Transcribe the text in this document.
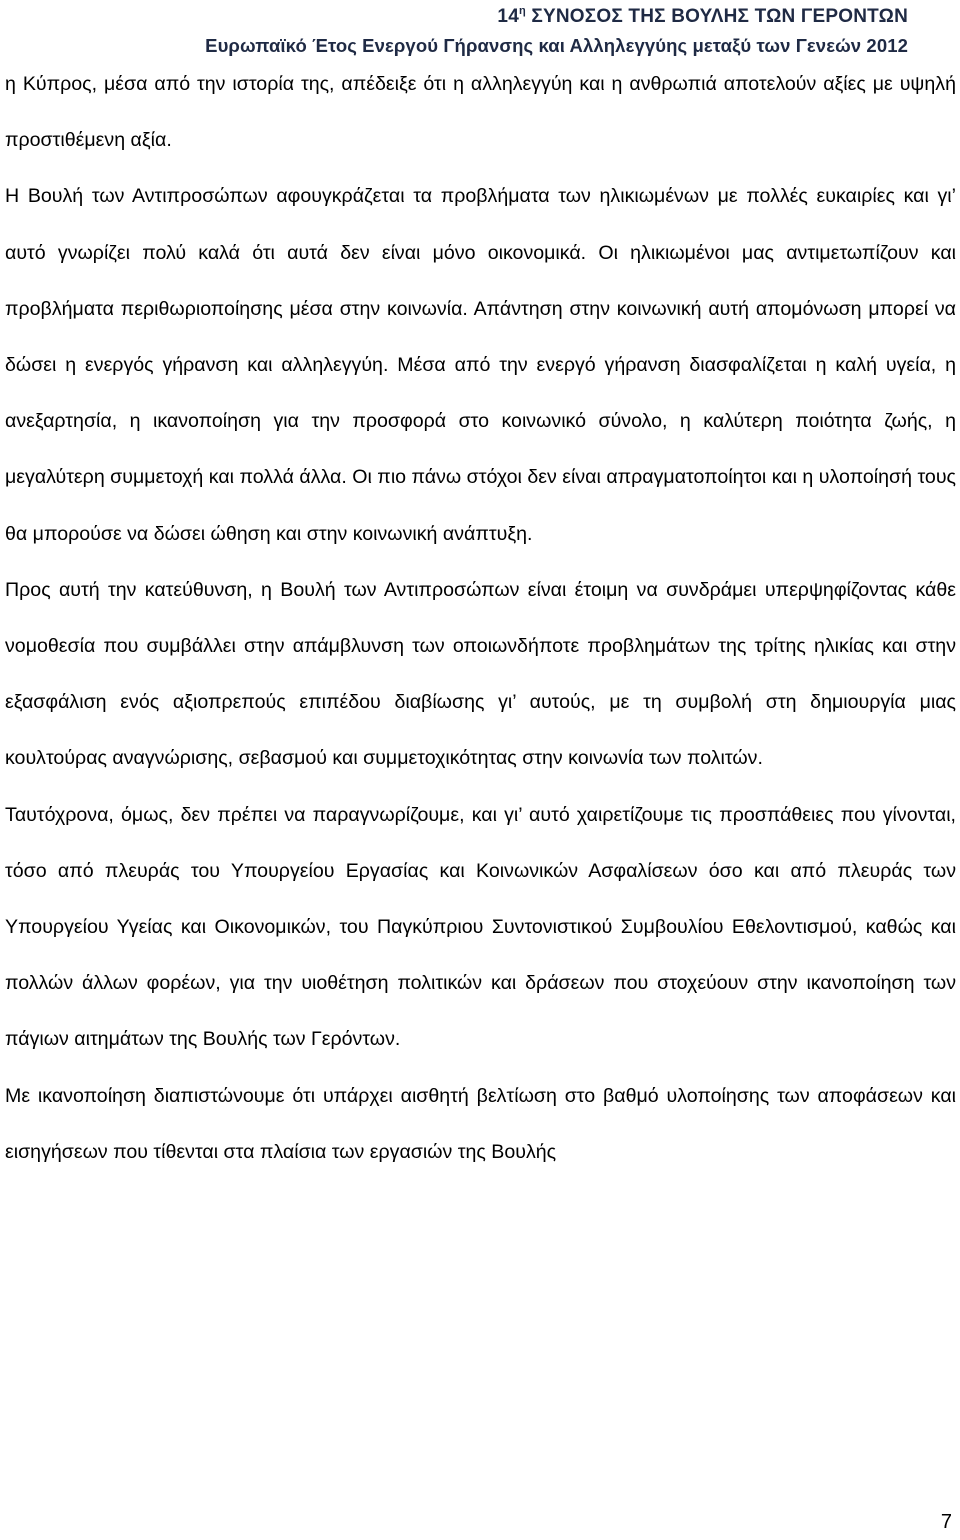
$14^\eta$ ΣΥΝΟΣΟΣ ΤΗΣ ΒΟΥΛΗΣ ΤΩΝ ΓΕΡΟΝΤΩΝ
Ευρωπαϊκό Έτος Ενεργού Γήρανσης και Αλληλεγγύης μεταξύ των Γενεών 2012

η Κύπρος, μέσα από την ιστορία της, απέδειξε ότι η αλληλεγγύη και η ανθρωπιά αποτελούν αξίες με υψηλή προστιθέμενη αξία.

Η Βουλή των Αντιπροσώπων αφουγκράζεται τα προβλήματα των ηλικιωμένων με πολλές ευκαιρίες και γι’ αυτό γνωρίζει πολύ καλά ότι αυτά δεν είναι μόνο οικονομικά. Οι ηλικιωμένοι μας αντιμετωπίζουν και προβλήματα περιθωριοποίησης μέσα στην κοινωνία. Απάντηση στην κοινωνική αυτή απομόνωση μπορεί να δώσει η ενεργός γήρανση και αλληλεγγύη. Μέσα από την ενεργό γήρανση διασφαλίζεται η καλή υγεία, η ανεξαρτησία, η ικανοποίηση για την προσφορά στο κοινωνικό σύνολο, η καλύτερη ποιότητα ζωής, η μεγαλύτερη συμμετοχή και πολλά άλλα. Οι πιο πάνω στόχοι δεν είναι απραγματοποίητοι και η υλοποίησή τους θα μπορούσε να δώσει ώθηση και στην κοινωνική ανάπτυξη.

Προς αυτή την κατεύθυνση, η Βουλή των Αντιπροσώπων είναι έτοιμη να συνδράμει υπερψηφίζοντας κάθε νομοθεσία που συμβάλλει στην απάμβλυνση των οποιωνδήποτε προβλημάτων της τρίτης ηλικίας και στην εξασφάλιση ενός αξιοπρεπούς επιπέδου διαβίωσης γι’ αυτούς, με τη συμβολή στη δημιουργία μιας κουλτούρας αναγνώρισης, σεβασμού και συμμετοχικότητας στην κοινωνία των πολιτών.

Ταυτόχρονα, όμως, δεν πρέπει να παραγνωρίζουμε, και γι’ αυτό χαιρετίζουμε τις προσπάθειες που γίνονται, τόσο από πλευράς του Υπουργείου Εργασίας και Κοινωνικών Ασφαλίσεων όσο και από πλευράς των Υπουργείου Υγείας και Οικονομικών, του Παγκύπριου Συντονιστικού Συμβουλίου Εθελοντισμού, καθώς και πολλών άλλων φορέων, για την υιοθέτηση πολιτικών και δράσεων που στοχεύουν στην ικανοποίηση των πάγιων αιτημάτων της Βουλής των Γερόντων.

Με ικανοποίηση διαπιστώνουμε ότι υπάρχει αισθητή βελτίωση στο βαθμό υλοποίησης των αποφάσεων και εισηγήσεων που τίθενται στα πλαίσια των εργασιών της Βουλής

7
